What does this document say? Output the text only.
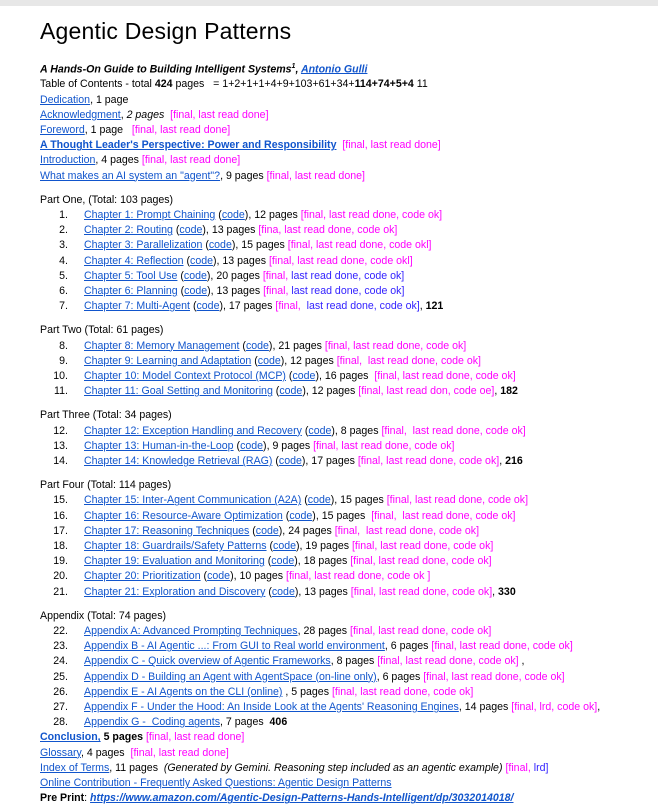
Agentic Design Patterns
A Hands-On Guide to Building Intelligent Systems$^1$, Antonio Gulli
Table of Contents - total 424 pages   = 1+2+1+1+4+9+103+61+34+114+74+5+4 11
Dedication, 1 page
Acknowledgment, 2 pages [final, last read done]
Foreword, 1 page   [final, last read done]
A Thought Leader's Perspective: Power and Responsibility [final, last read done]
Introduction, 4 pages [final, last read done]
What makes an AI system an "agent"?, 9 pages [final, last read done]
Part One, (Total: 103 pages)
1. Chapter 1: Prompt Chaining (code), 12 pages [final, last read done, code ok]
2. Chapter 2: Routing (code), 13 pages [fina, last read done, code ok]
3. Chapter 3: Parallelization (code), 15 pages [final, last read done, code okl]
4. Chapter 4: Reflection (code), 13 pages [final, last read done, code okl]
5. Chapter 5: Tool Use (code), 20 pages [final, last read done, code ok]
6. Chapter 6: Planning (code), 13 pages [final, last read done, code ok]
7. Chapter 7: Multi-Agent (code), 17 pages [final,  last read done, code ok], 121
Part Two (Total: 61 pages)
8. Chapter 8: Memory Management (code), 21 pages [final, last read done, code ok]
9. Chapter 9: Learning and Adaptation (code), 12 pages [final,  last read done, code ok]
10. Chapter 10: Model Context Protocol (MCP) (code), 16 pages  [final, last read done, code ok]
11. Chapter 11: Goal Setting and Monitoring (code), 12 pages [final, last read don, code oe], 182
Part Three (Total: 34 pages)
12. Chapter 12: Exception Handling and Recovery (code), 8 pages [final,  last read done, code ok]
13. Chapter 13: Human-in-the-Loop (code), 9 pages [final, last read done, code ok]
14. Chapter 14: Knowledge Retrieval (RAG) (code), 17 pages [final, last read done, code ok], 216
Part Four (Total: 114 pages)
15. Chapter 15: Inter-Agent Communication (A2A) (code), 15 pages [final, last read done, code ok]
16. Chapter 16: Resource-Aware Optimization (code), 15 pages  [final,  last read done, code ok]
17. Chapter 17: Reasoning Techniques (code), 24 pages [final,  last read done, code ok]
18. Chapter 18: Guardrails/Safety Patterns (code), 19 pages [final, last read done, code ok]
19. Chapter 19: Evaluation and Monitoring (code), 18 pages [final, last read done, code ok]
20. Chapter 20: Prioritization (code), 10 pages [final, last read done, code ok ]
21. Chapter 21: Exploration and Discovery (code), 13 pages [final, last read done, code ok], 330
Appendix (Total: 74 pages)
22. Appendix A: Advanced Prompting Techniques, 28 pages [final, last read done, code ok]
23. Appendix B - AI Agentic ...: From GUI to Real world environment, 6 pages [final, last read done, code ok]
24. Appendix C - Quick overview of Agentic Frameworks, 8 pages [final, last read done, code ok] ,
25. Appendix D - Building an Agent with AgentSpace (on-line only), 6 pages [final, last read done, code ok]
26. Appendix E - AI Agents on the CLI (online) , 5 pages [final, last read done, code ok]
27. Appendix F - Under the Hood: An Inside Look at the Agents' Reasoning Engines, 14 pages [final, lrd, code ok],
28. Appendix G -  Coding agents, 7 pages  406
Conclusion, 5 pages [final, last read done]
Glossary, 4 pages  [final, last read done]
Index of Terms, 11 pages  (Generated by Gemini. Reasoning step included as an agentic example) [final, lrd]
Online Contribution - Frequently Asked Questions: Agentic Design Patterns
Pre Print: https://www.amazon.com/Agentic-Design-Patterns-Hands-Intelligent/dp/3032014018/
